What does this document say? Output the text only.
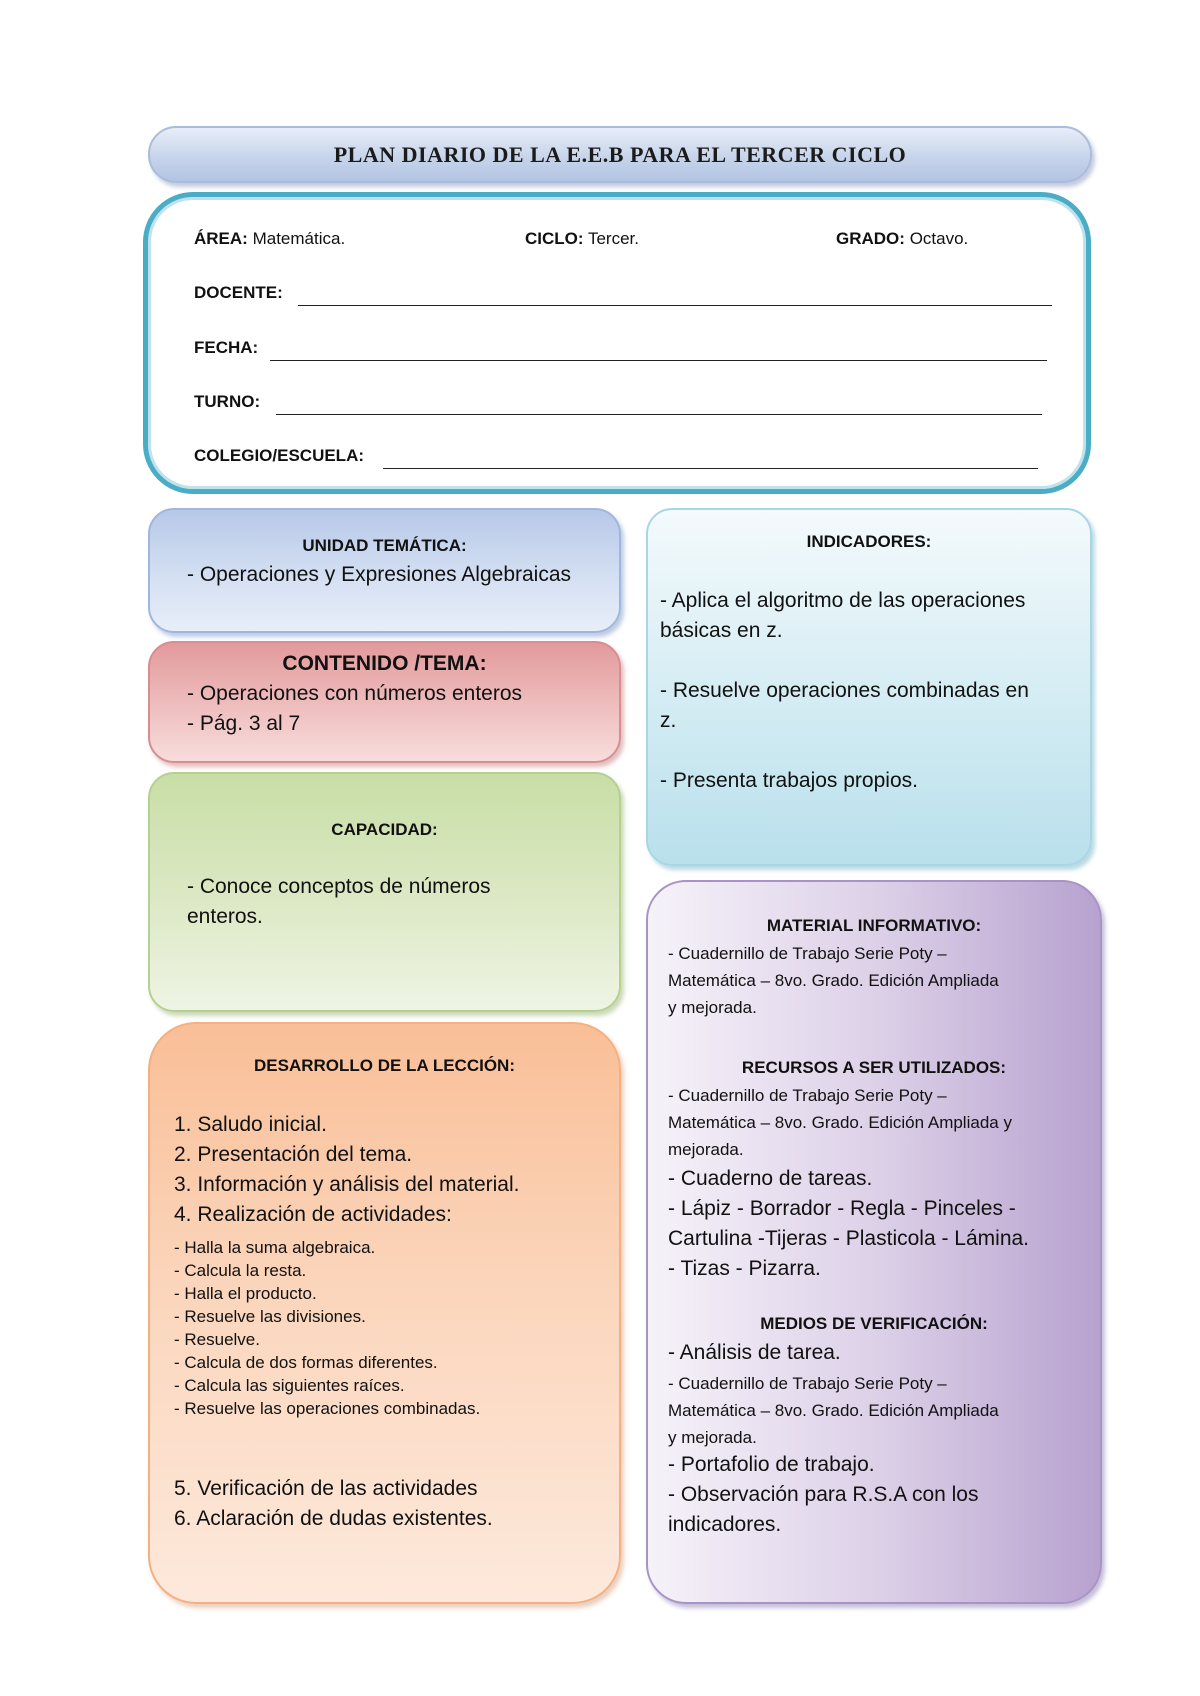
PLAN DIARIO DE LA E.E.B PARA EL TERCER CICLO
ÁREA: Matemática.	CICLO: Tercer.	GRADO: Octavo.
DOCENTE:
FECHA:
TURNO:
COLEGIO/ESCUELA:
UNIDAD TEMÁTICA:
- Operaciones y Expresiones Algebraicas
CONTENIDO /TEMA:
- Operaciones con números enteros
- Pág. 3 al 7
CAPACIDAD:
- Conoce conceptos de números
enteros.
DESARROLLO DE LA LECCIÓN:
1. Saludo inicial.
2. Presentación del tema.
3. Información y análisis del material.
4. Realización de actividades:
- Halla la suma algebraica.
- Calcula la resta.
- Halla el producto.
- Resuelve las divisiones.
- Resuelve.
- Calcula de dos formas diferentes.
- Calcula las siguientes raíces.
- Resuelve las operaciones combinadas.
5. Verificación de las actividades
6. Aclaración de dudas existentes.
INDICADORES:
- Aplica el algoritmo de las operaciones
básicas en z.
- Resuelve operaciones combinadas en
z.
- Presenta trabajos propios.
MATERIAL INFORMATIVO:
- Cuadernillo de Trabajo Serie Poty –
Matemática – 8vo. Grado. Edición Ampliada
y mejorada.
RECURSOS A SER UTILIZADOS:
- Cuadernillo de Trabajo Serie Poty –
Matemática – 8vo. Grado. Edición Ampliada y
mejorada.
- Cuaderno de tareas.
- Lápiz - Borrador - Regla - Pinceles -
Cartulina -Tijeras - Plasticola - Lámina.
- Tizas - Pizarra.
MEDIOS DE VERIFICACIÓN:
- Análisis de tarea.
- Cuadernillo de Trabajo Serie Poty –
Matemática – 8vo. Grado. Edición Ampliada
y mejorada.
- Portafolio de trabajo.
- Observación para R.S.A con los
indicadores.
